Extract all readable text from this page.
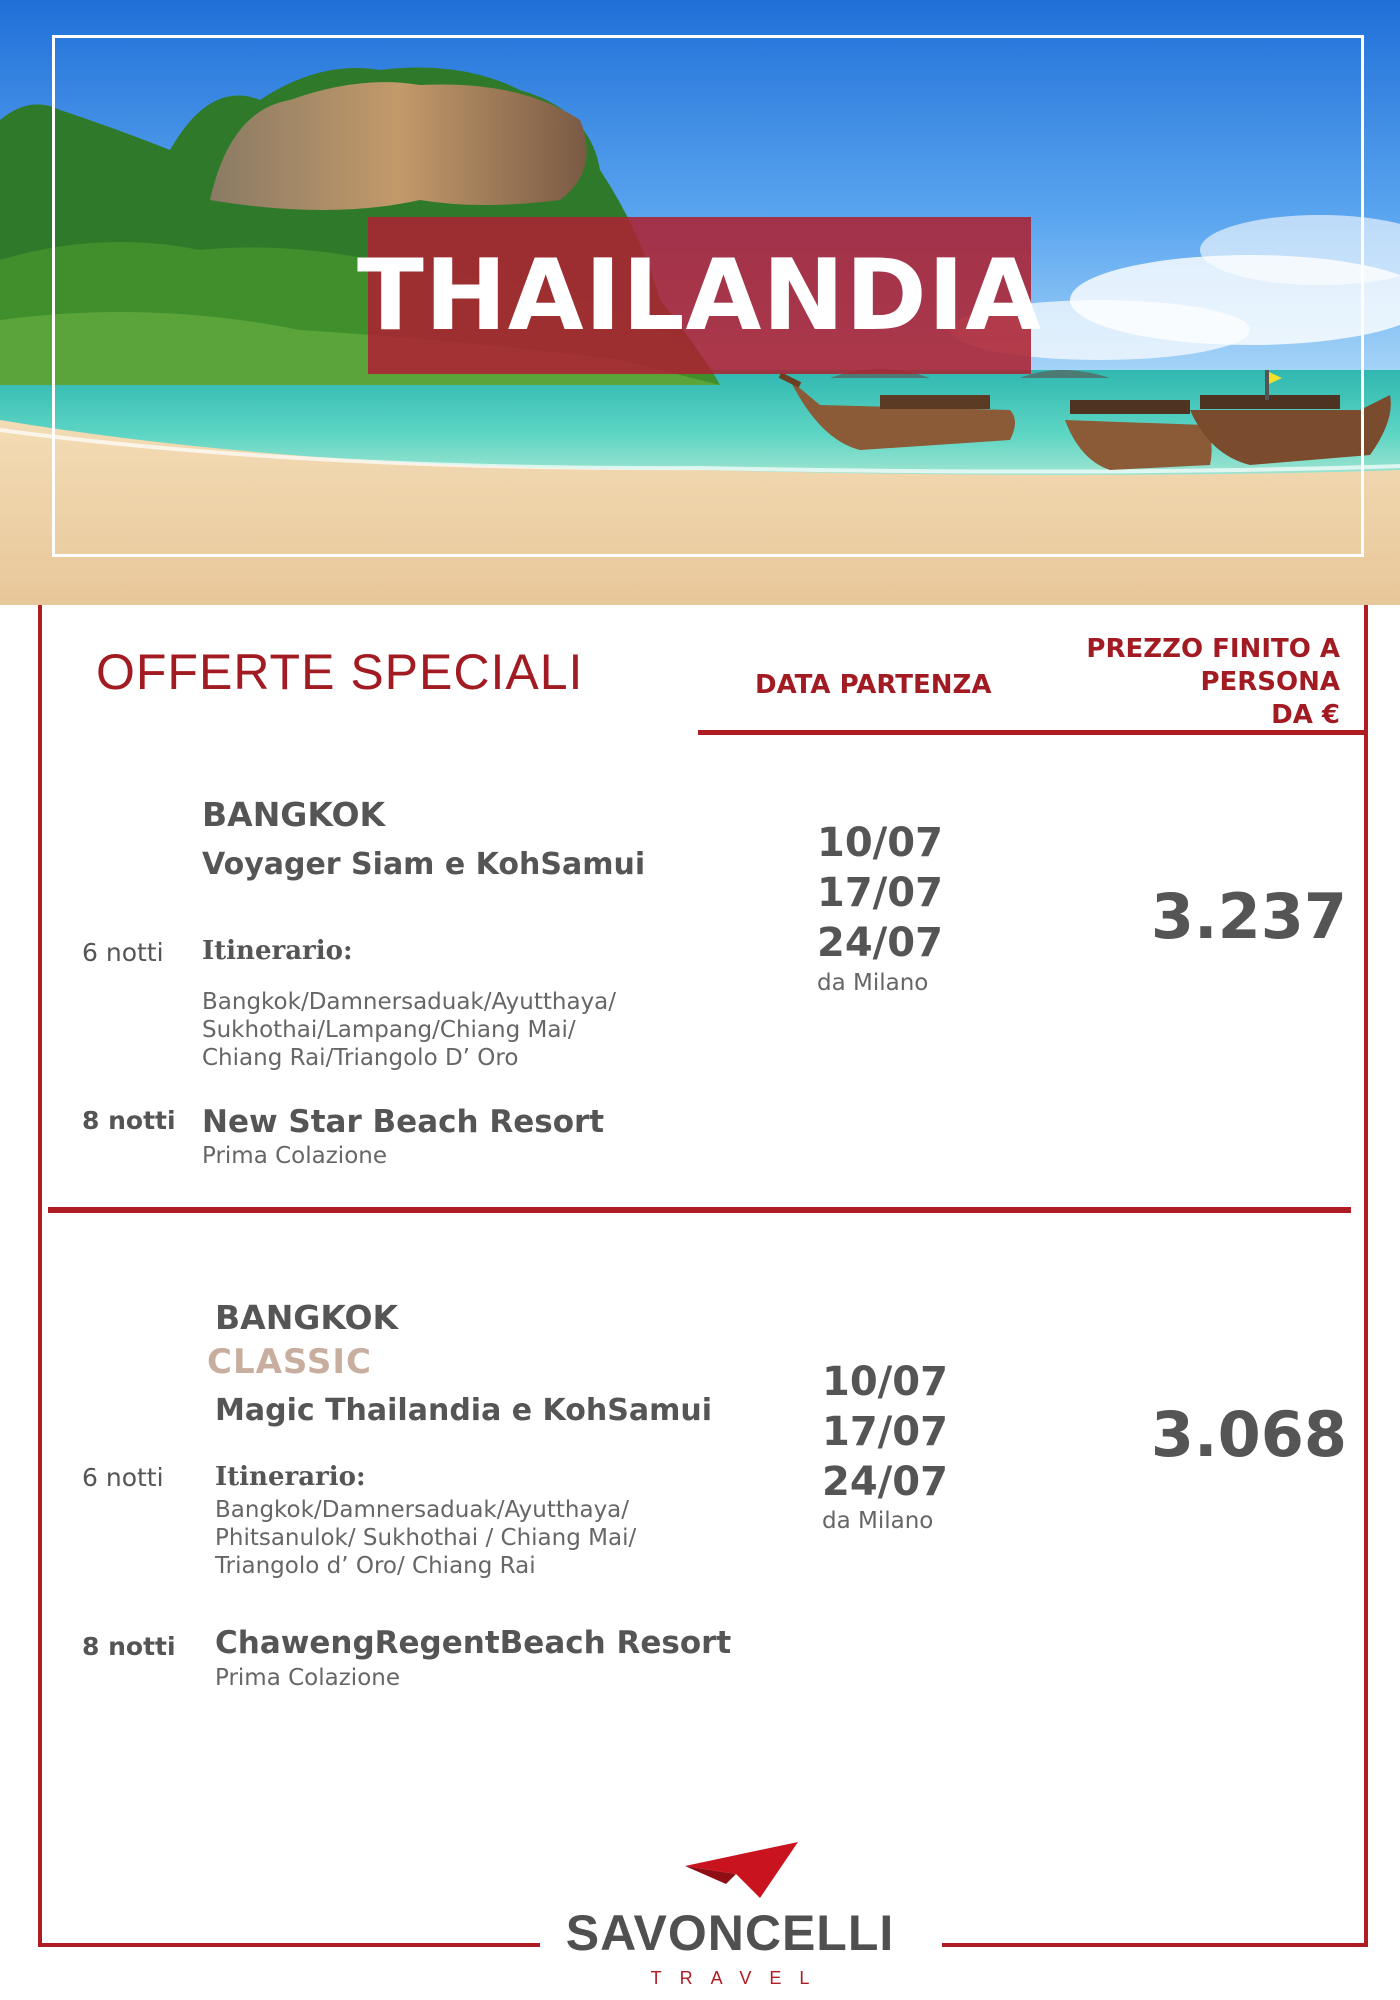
THAILANDIA
OFFERTE SPECIALI	DATA PARTENZA
PREZZO FINITO A
PERSONA
DA €
BANGKOK
Voyager Siam e KohSamui
6 notti Itinerario:
Bangkok/Damnersaduak/Ayutthaya/
Sukhothai/Lampang/Chiang Mai/
Chiang Rai/Triangolo D’ Oro
8 notti New Star Beach Resort
Prima Colazione
10/07
17/07
24/07
da Milano
3.237
BANGKOK
CLASSIC
Magic Thailandia e KohSamui
6 notti Itinerario:
Bangkok/Damnersaduak/Ayutthaya/
Phitsanulok/ Sukhothai / Chiang Mai/
Triangolo d’ Oro/ Chiang Rai
8 notti ChawengRegentBeach Resort
Prima Colazione
10/07
17/07
24/07
da Milano
3.068
SAVONCELLI
TRAVEL
